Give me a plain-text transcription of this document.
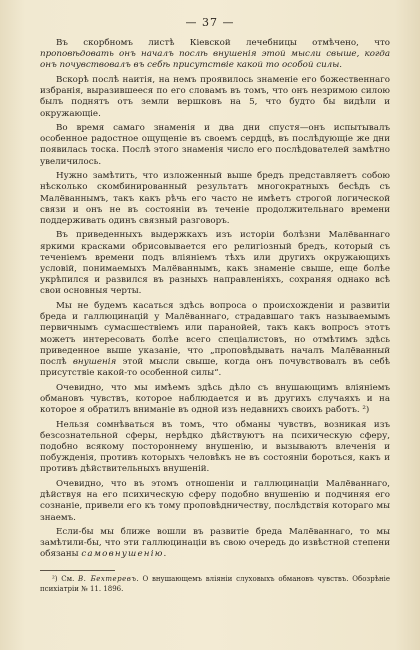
— 37 —

Въ скорбномъ листѣ Кіевской лечебницы отмѣчено, что проповѣдовать онъ началъ послѣ внушенія этой мысли свыше, когда онъ почувствовалъ въ себѣ присутствіе какой то особой силы.

Вскорѣ послѣ наитія, на немъ проявилось знаменіе его божественнаго избранія, выразившееся по его словамъ въ томъ, что онъ незримою силою былъ поднятъ отъ земли вершковъ на 5, что будто бы видѣли и окружающіе.

Во время самаго знаменія и два дни спустя—онъ испытывалъ особенное радостное ощущеніе въ своемъ сердцѣ, въ послѣдующіе же дни появилась тоска. Послѣ этого знаменія число его послѣдователей замѣтно увеличилось.

Нужно замѣтить, что изложенный выше бредъ представляетъ собою нѣсколько скомбинированный результатъ многократныхъ бесѣдъ съ Малёваннымъ, такъ какъ рѣчь его часто не имѣетъ строгой логической связи и онъ не въ состояніи въ теченіе продолжительнаго времени поддерживать одинъ связный разговоръ.

Въ приведенныхъ выдержкахъ изъ исторіи болѣзни Малёваннаго яркими красками обрисовывается его религіозный бредъ, который съ теченіемъ времени подъ вліяніемъ тѣхъ или другихъ окружающихъ условій, понимаемыхъ Малёваннымъ, какъ знаменіе свыше, еще болѣе укрѣпился и развился въ разныхъ направленіяхъ, сохраняя однако всѣ свои основныя черты.

Мы не будемъ касаться здѣсь вопроса о происхожденіи и развитіи бреда и галлюцинацій у Малёваннаго, страдавшаго такъ называемымъ первичнымъ сумасшествіемъ или паранойей, такъ какъ вопросъ этотъ можетъ интересовать болѣе всего спеціалистовъ, но отмѣтимъ здѣсь приведенное выше указаніе, что „проповѣдывать началъ Малёванный послѣ внушенія этой мысли свыше, когда онъ почувствовалъ въ себѣ присутствіе какой-то особенной силы“.

Очевидно, что мы имѣемъ здѣсь дѣло съ внушающимъ вліяніемъ обмановъ чувствъ, которое наблюдается и въ другихъ случаяхъ и на которое я обратилъ вниманіе въ одной изъ недавнихъ своихъ работъ. ²)

Нельзя сомнѣваться въ томъ, что обманы чувствъ, возникая изъ безсознательной сферы, нерѣдко дѣйствуютъ на психическую сферу, подобно всякому постороннему внушенію, и вызываютъ влеченія и побужденія, противъ которыхъ человѣкъ не въ состояніи бороться, какъ и противъ дѣйствительныхъ внушеній.

Очевидно, что въ этомъ отношеніи и галлюцинаціи Малёваннаго, дѣйствуя на его психическую сферу подобно внушенію и подчиняя его сознаніе, привели его къ тому проповѣдничеству, послѣдствія котораго мы знаемъ.

Если-бы мы ближе вошли въ развитіе бреда Малёваннаго, то мы замѣтили-бы, что эти галлюцинаціи въ свою очередь до извѣстной степени обязаны самовнушенію.

²) См. В. Бехтеревъ. О внушающемъ вліяніи слуховыхъ обмановъ чувствъ. Обозрѣніе психіатріи № 11. 1896.
